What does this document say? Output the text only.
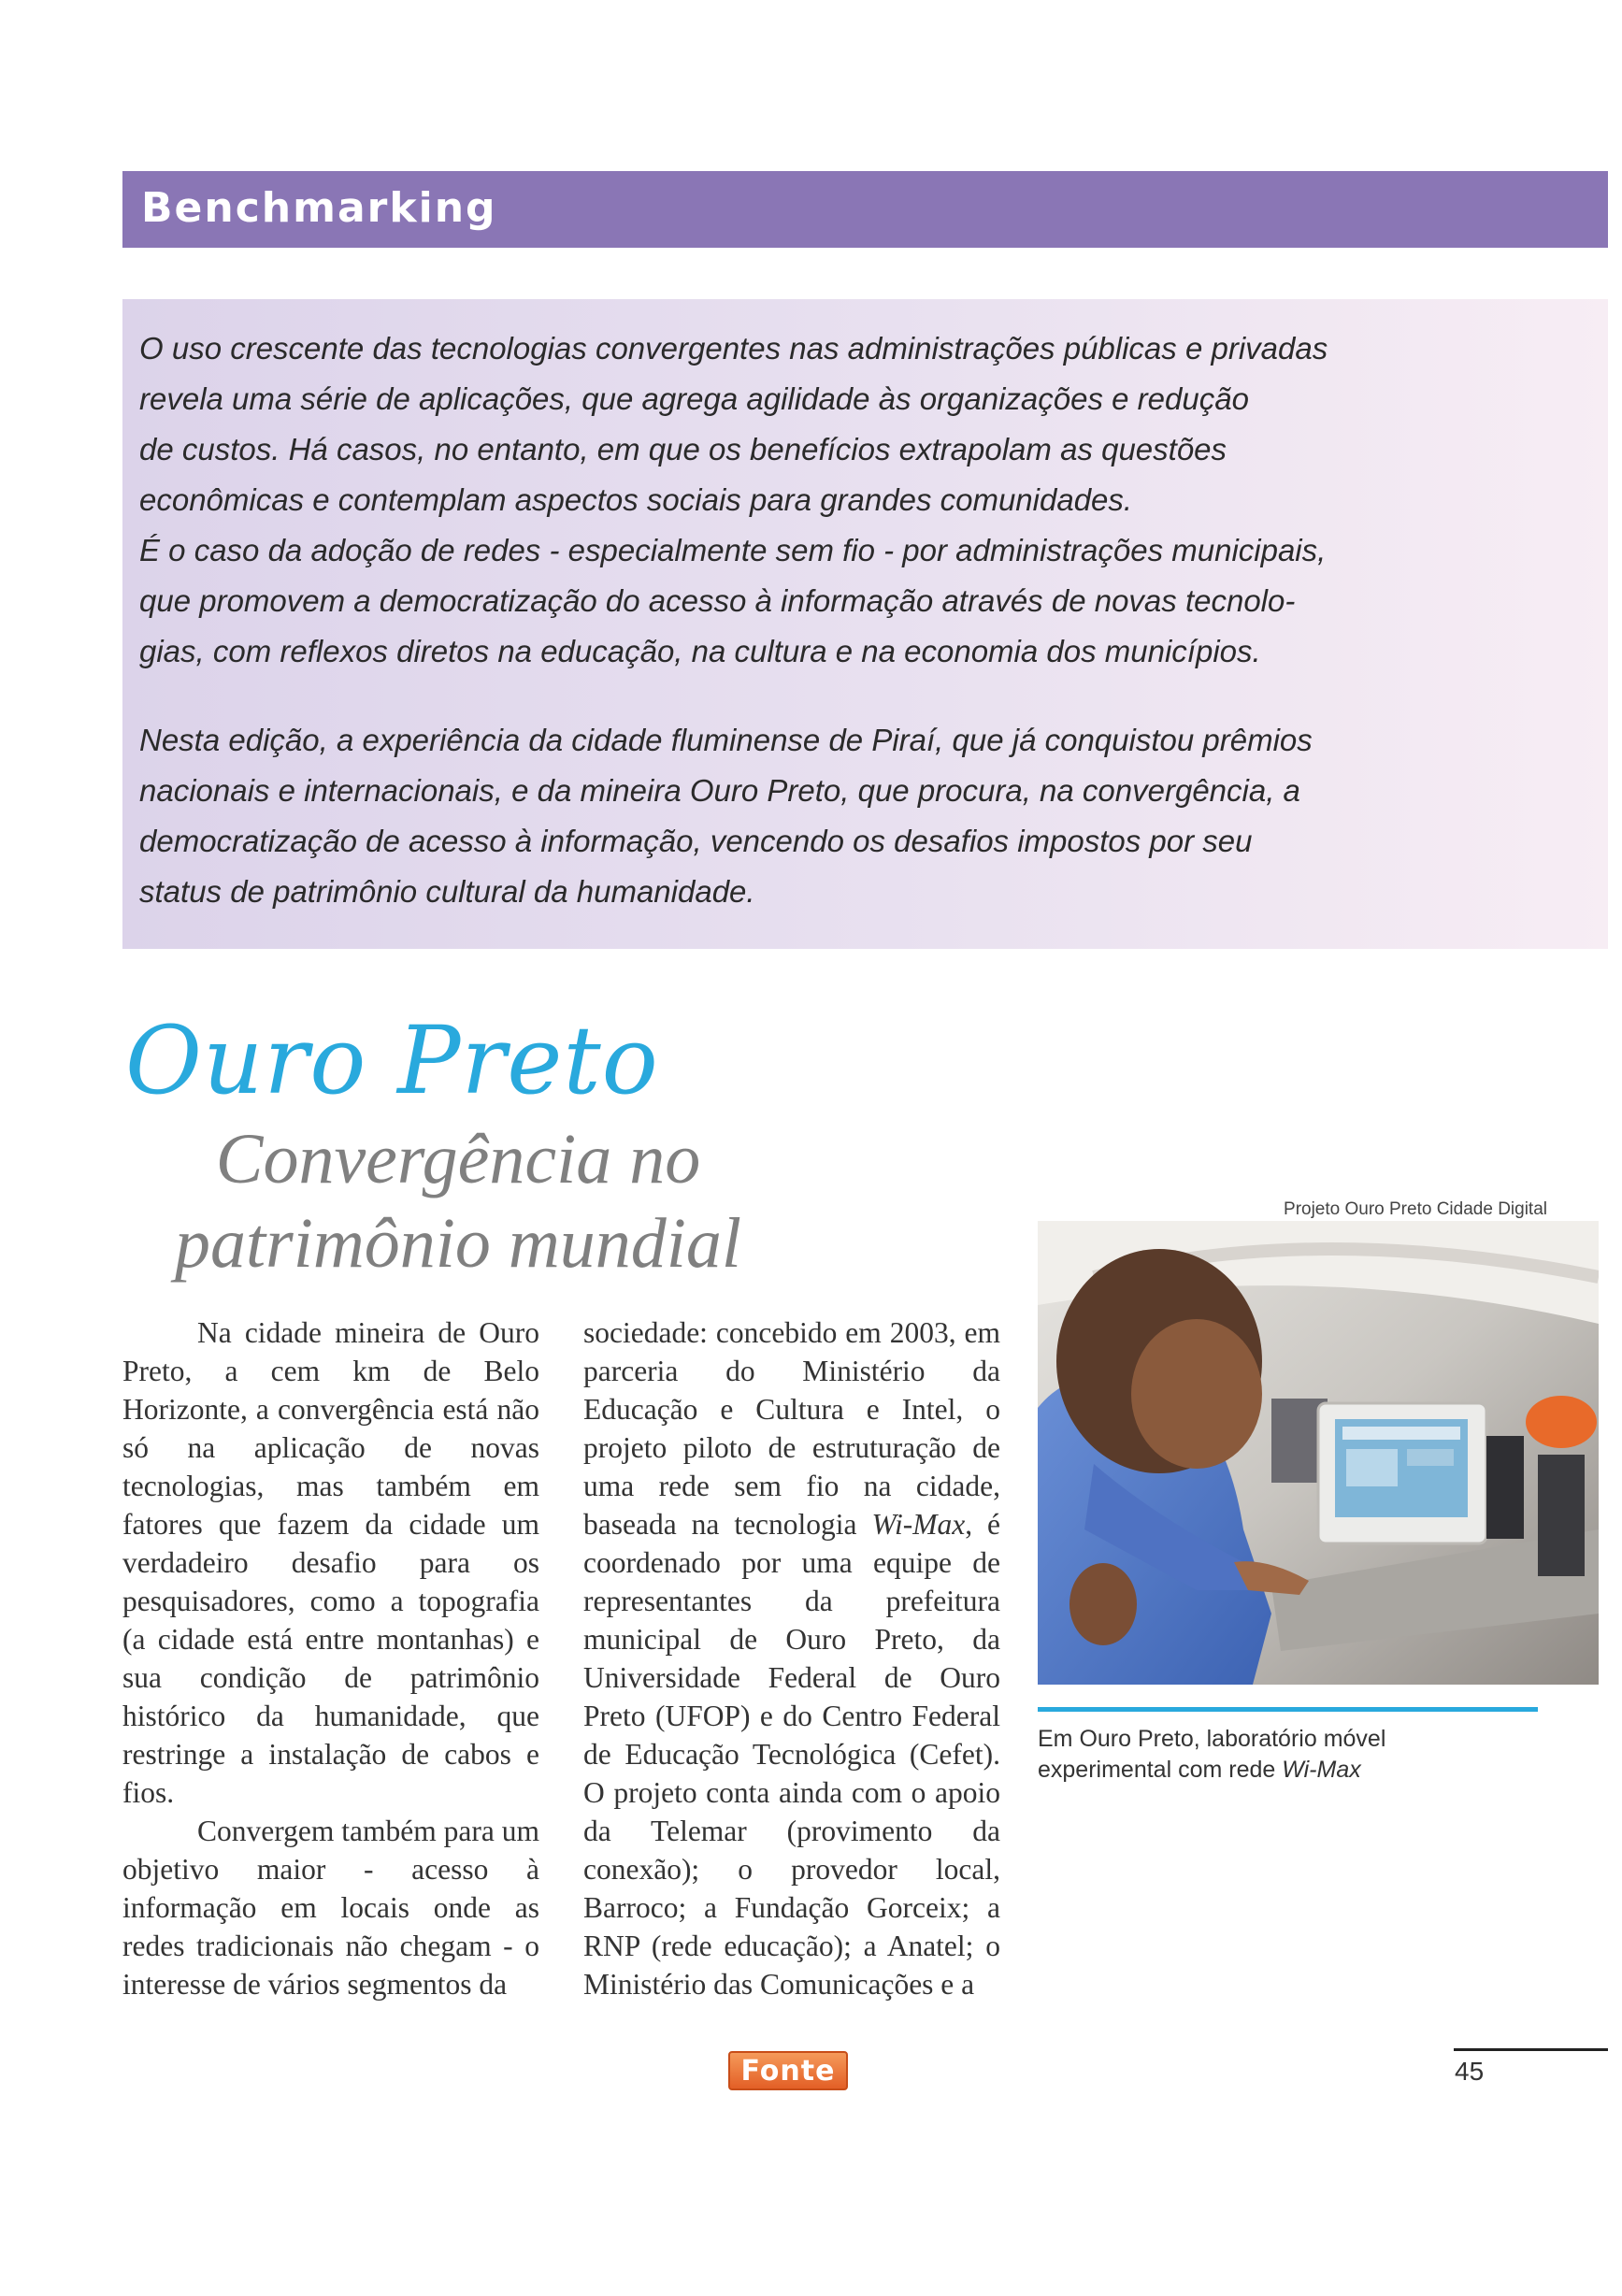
Benchmarking

O uso crescente das tecnologias convergentes nas administrações públicas e privadas
revela uma série de aplicações, que agrega agilidade às organizações e redução
de custos. Há casos, no entanto, em que os benefícios extrapolam as questões
econômicas e contemplam aspectos sociais para grandes comunidades.
É o caso da adoção de redes - especialmente sem fio - por administrações municipais,
que promovem a democratização do acesso à informação através de novas tecnolo-
gias, com reflexos diretos na educação, na cultura e na economia dos municípios.

Nesta edição, a experiência da cidade fluminense de Piraí, que já conquistou prêmios
nacionais e internacionais, e da mineira Ouro Preto, que procura, na convergência, a
democratização de acesso à informação, vencendo os desafios impostos por seu
status de patrimônio cultural da humanidade.

Ouro Preto
Convergência no
patrimônio mundial

Na cidade mineira de Ouro Preto, a cem km de Belo Horizonte, a convergência está não só na aplicação de novas tecnologias, mas também em fatores que fazem da cidade um verdadeiro desafio para os pesquisadores, como a topografia (a cidade está entre montanhas) e sua condição de patrimônio histórico da humanidade, que restringe a instalação de cabos e fios.

Convergem também para um objetivo maior - acesso à informação em locais onde as redes tradicionais não chegam - o interesse de vários segmentos da

sociedade: concebido em 2003, em parceria do Ministério da Educação e Cultura e Intel, o projeto piloto de estruturação de uma rede sem fio na cidade, baseada na tecnologia Wi-Max, é coordenado por uma equipe de representantes da prefeitura municipal de Ouro Preto, da Universidade Federal de Ouro Preto (UFOP) e do Centro Federal de Educação Tecnológica (Cefet). O projeto conta ainda com o apoio da Telemar (provimento da conexão); o provedor local, Barroco; a Fundação Gorceix; a RNP (rede educação); a Anatel; o Ministério das Comunicações e a

Projeto Ouro Preto Cidade Digital
Em Ouro Preto, laboratório móvel
experimental com rede Wi-Max
Fonte	45
